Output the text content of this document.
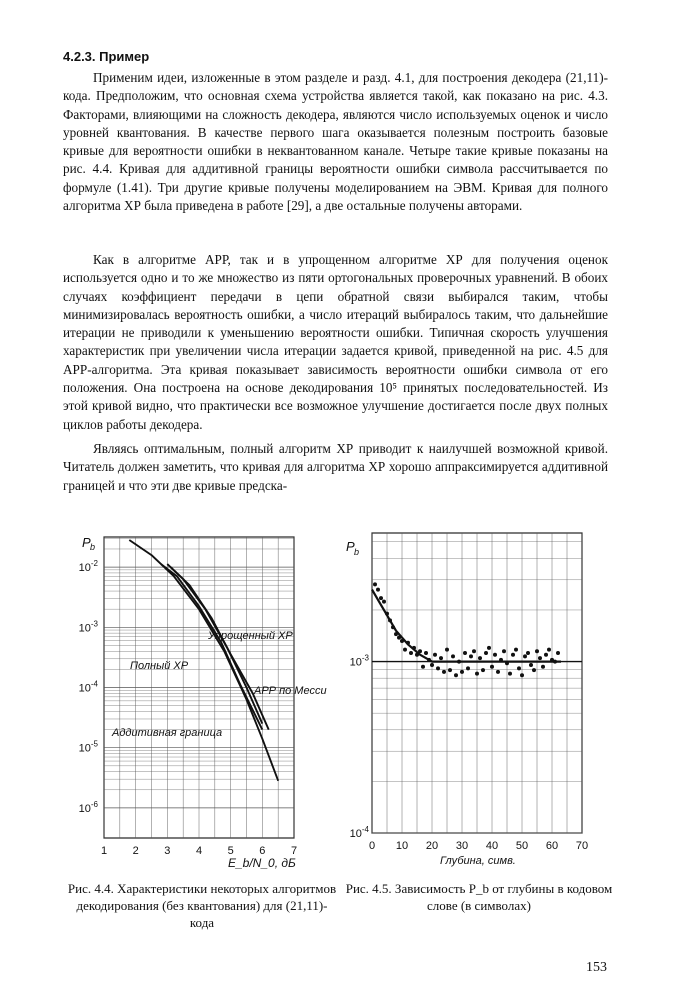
4.2.3. Пример

Применим идеи, изложенные в этом разделе и разд. 4.1, для построения декодера (21,11)-кода. Предположим, что основная схема устройства является такой, как показано на рис. 4.3. Факторами, влияющими на сложность декодера, являются число используемых оценок и число уровней квантования. В качестве первого шага оказывается полезным построить базовые кривые для вероятности ошибки в неквантованном канале. Четыре такие кривые показаны на рис. 4.4. Кривая для аддитивной границы вероятности ошибки символа рассчитывается по формуле (1.41). Три другие кривые получены моделированием на ЭВМ. Кривая для полного алгоритма ХР была приведена в работе [29], а две остальные получены авторами.

Как в алгоритме АРР, так и в упрощенном алгоритме ХР для получения оценок используется одно и то же множество из пяти ортогональных проверочных уравнений. В обоих случаях коэффициент передачи в цепи обратной связи выбирался таким, чтобы минимизировалась вероятность ошибки, а число итераций выбиралось таким, что дальнейшие итерации не приводили к уменьшению вероятности ошибки. Типичная скорость улучшения характеристик при увеличении числа итерации задается кривой, приведенной на рис. 4.5 для АРР-алгоритма. Эта кривая показывает зависимость вероятности ошибки символа от его положения. Она построена на основе декодирования 10⁵ принятых последовательностей. Из этой кривой видно, что практически все возможное улучшение достигается после двух полных циклов работы декодера.

Являясь оптимальным, полный алгоритм ХР приводит к наилучшей возможной кривой. Читатель должен заметить, что кривая для алгоритма ХР хорошо аппраксимируется аддитивной границей и что эти две кривые предска-

1 2 3 4 5 6 7
$10^{-2}$
$10^{-3}$
$10^{-4}$
$10^{-5}$
$10^{-6}$
P b
E_b/N_0, дБ
Упрощенный ХР
Полный ХР
АРР по Месси
Аддитивная граница
0 10 20 30 40 50 60 70
$10^{-3}$
$10^{-4}$
P b
Глубина, симв.
Рис. 4.4. Характеристики некоторых алгоритмов декодирования (без квантования) для (21,11)-кода
Рис. 4.5. Зависимость P_b от глубины в кодовом слове (в символах)
153
